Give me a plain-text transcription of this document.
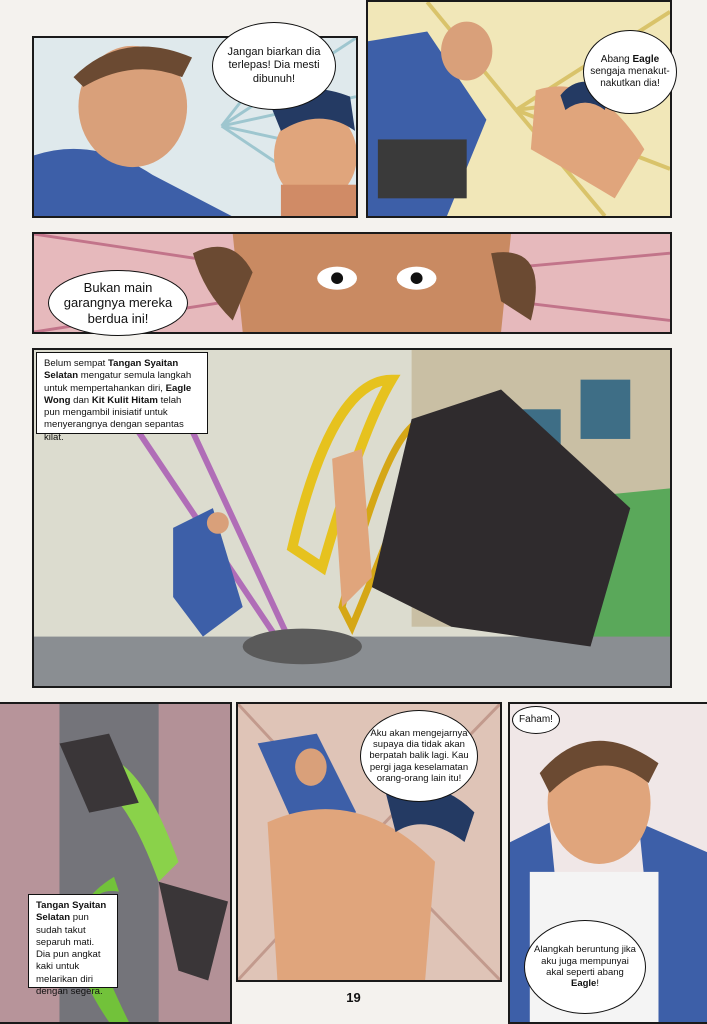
Jangan biarkan dia terlepas! Dia mesti dibunuh!
Abang Eagle sengaja menakut-nakutkan dia!
Bukan main garangnya mereka berdua ini!
Belum sempat Tangan Syaitan Selatan mengatur semula langkah untuk mempertahankan diri, Eagle Wong dan Kit Kulit Hitam telah pun mengambil inisiatif untuk menyerangnya dengan sepantas kilat.
Tangan Syaitan Selatan pun sudah takut separuh mati. Dia pun angkat kaki untuk melarikan diri dengan segera.
Aku akan mengejarnya supaya dia tidak akan berpatah balik lagi. Kau pergi jaga keselamatan orang-orang lain itu!
Faham!
Alangkah beruntung jika aku juga mempunyai akal seperti abang Eagle!
19
